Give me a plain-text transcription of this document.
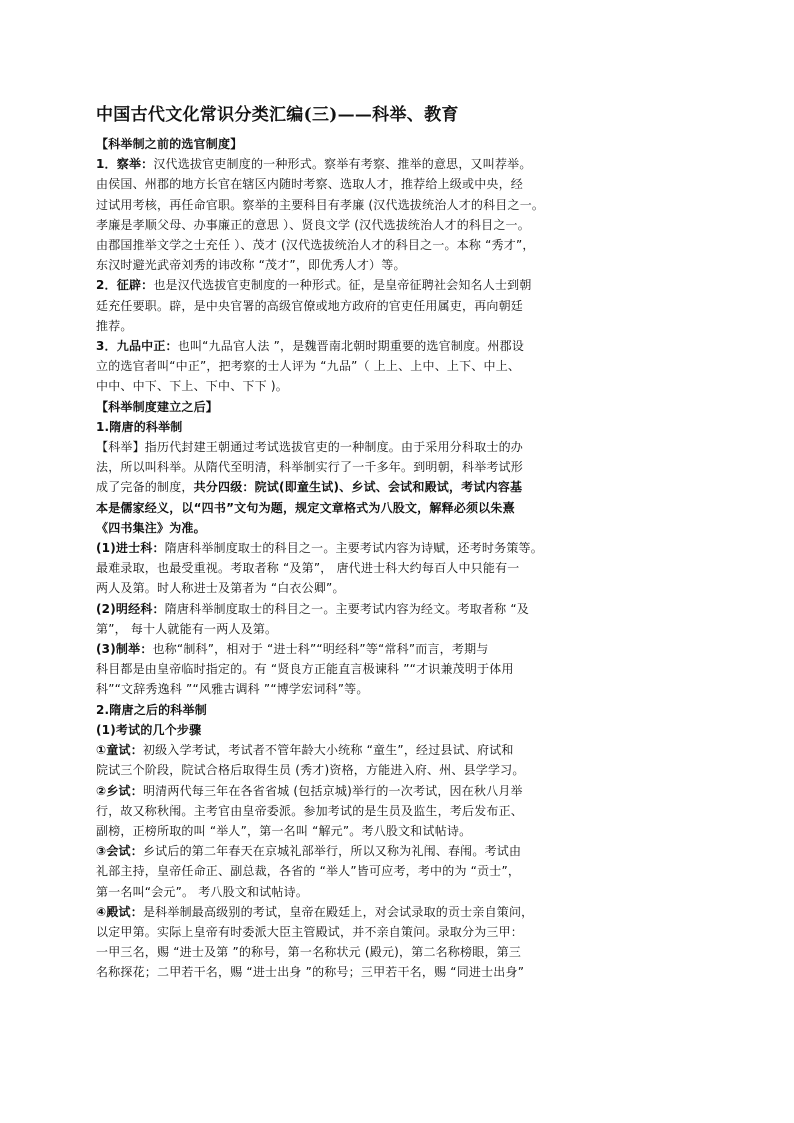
中国古代文化常识分类汇编(三)——科举、教育
【科举制之前的选官制度】
1．察举：汉代选拔官吏制度的一种形式。察举有考察、推举的意思，又叫荐举。
由侯国、州郡的地方长官在辖区内随时考察、选取人才，推荐给上级或中央，经
过试用考核，再任命官职。察举的主要科目有孝廉 (汉代选拔统治人才的科目之一。
孝廉是孝顺父母、办事廉正的意思 ）、贤良文学 (汉代选拔统治人才的科目之一。
由郡国推举文学之士充任 ）、茂才 (汉代选拔统治人才的科目之一。本称 “秀才”，
东汉时避光武帝刘秀的讳改称 “茂才”，即优秀人才）等。
2．征辟：也是汉代选拔官吏制度的一种形式。征，是皇帝征聘社会知名人士到朝
廷充任要职。辟，是中央官署的高级官僚或地方政府的官吏任用属吏，再向朝廷
推荐。
3．九品中正：也叫“九品官人法 ”，是魏晋南北朝时期重要的选官制度。州郡设
立的选官者叫“中正”，把考察的士人评为 “九品”（ 上上、上中、上下、中上、
中中、中下、下上、下中、下下 )。
【科举制度建立之后】
1.隋唐的科举制
【科举】指历代封建王朝通过考试选拔官吏的一种制度。由于采用分科取士的办
法，所以叫科举。从隋代至明清，科举制实行了一千多年。到明朝，科举考试形
成了完备的制度，共分四级：院试(即童生试)、乡试、会试和殿试，考试内容基
本是儒家经义，以“四书”文句为题，规定文章格式为八股文，解释必须以朱熹
《四书集注》为准。
(1)进士科：隋唐科举制度取士的科目之一。主要考试内容为诗赋，还考时务策等。
最难录取，也最受重视。考取者称 “及第”， 唐代进士科大约每百人中只能有一
两人及第。时人称进士及第者为 “白衣公卿”。
(2)明经科：隋唐科举制度取士的科目之一。主要考试内容为经文。考取者称 “及
第”， 每十人就能有一两人及第。
(3)制举：也称“制科”，相对于 “进士科”“明经科”等“常科”而言，考期与
科目都是由皇帝临时指定的。有 “贤良方正能直言极谏科 ”“才识兼茂明于体用
科”“文辞秀逸科 ”“风雅古调科 ”“博学宏词科”等。
2.隋唐之后的科举制
(1)考试的几个步骤
①童试：初级入学考试，考试者不管年龄大小统称 “童生”，经过县试、府试和
院试三个阶段，院试合格后取得生员 (秀才)资格，方能进入府、州、县学学习。
②乡试：明清两代每三年在各省省城 (包括京城)举行的一次考试，因在秋八月举
行，故又称秋闱。主考官由皇帝委派。参加考试的是生员及监生，考后发布正、
副榜，正榜所取的叫 “举人”，第一名叫 “解元”。考八股文和试帖诗。
③会试：乡试后的第二年春天在京城礼部举行，所以又称为礼闱、春闱。考试由
礼部主持，皇帝任命正、副总裁，各省的 “举人”皆可应考，考中的为 “贡士”，
第一名叫“会元”。 考八股文和试帖诗。
④殿试：是科举制最高级别的考试，皇帝在殿廷上，对会试录取的贡士亲自策问，
以定甲第。实际上皇帝有时委派大臣主管殿试，并不亲自策问。录取分为三甲：
一甲三名，赐 “进士及第 ”的称号，第一名称状元 (殿元)，第二名称榜眼，第三
名称探花；二甲若干名，赐 “进士出身 ”的称号；三甲若干名，赐 “同进士出身”
